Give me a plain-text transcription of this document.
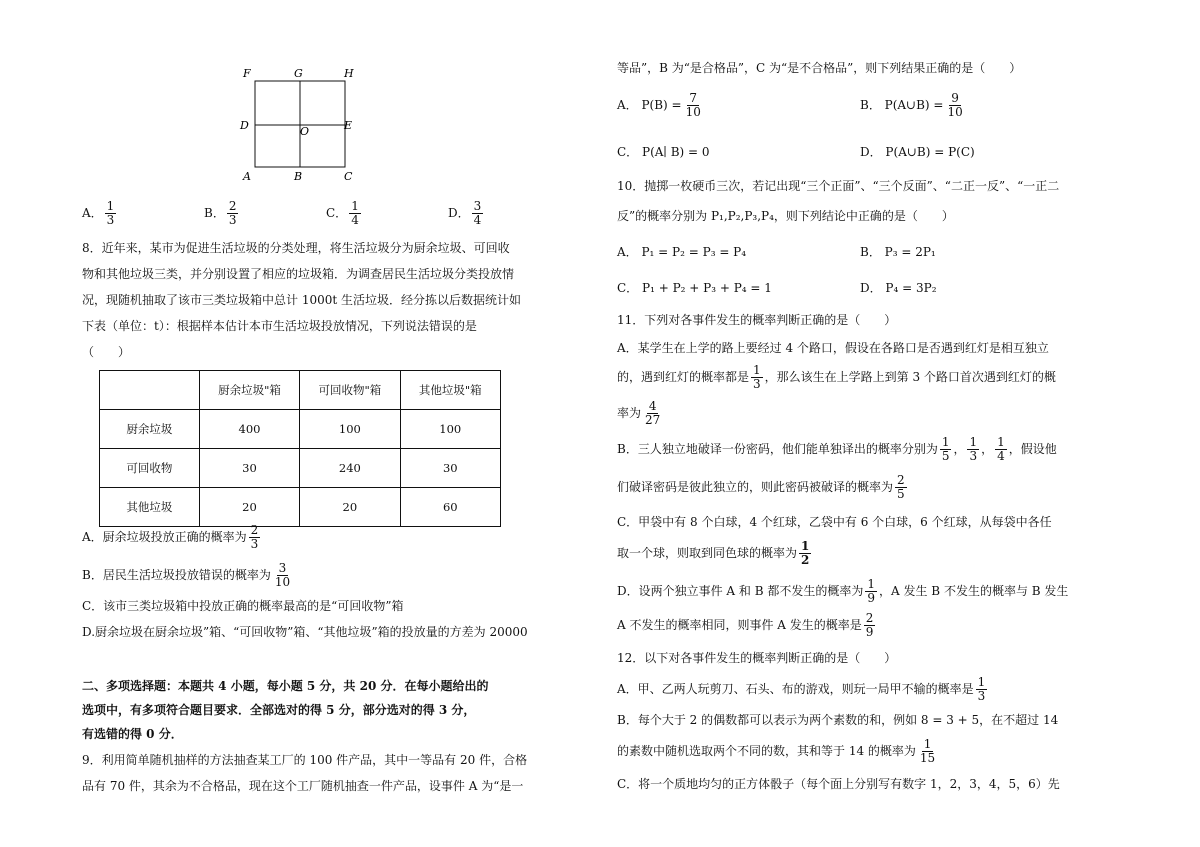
F	G	H
D	O	E
A	B	C
A． $\frac{1}{3}$	B． $\frac{2}{3}$	C． $\frac{1}{4}$	D． $\frac{3}{4}$
8．近年来，某市为促进生活垃圾的分类处理，将生活垃圾分为厨余垃圾、可回收
物和其他垃圾三类，并分别设置了相应的垃圾箱．为调查居民生活垃圾分类投放情
况，现随机抽取了该市三类垃圾箱中总计 1000t 生活垃圾．经分拣以后数据统计如
下表（单位：t）：根据样本估计本市生活垃圾投放情况，下列说法错误的是
（　　）
	厨余垃圾"箱	可回收物"箱	其他垃圾"箱
厨余垃圾	400	100	100
可回收物	30	240	30
其他垃圾	20	20	60
A．厨余垃圾投放正确的概率为 $\frac{2}{3}$
B．居民生活垃圾投放错误的概率为 $\frac{3}{10}$
C．该市三类垃圾箱中投放正确的概率最高的是“可回收物”箱
D.厨余垃圾在厨余垃圾”箱、“可回收物”箱、“其他垃圾”箱的投放量的方差为 20000
二、多项选择题：本题共 4 小题，每小题 5 分，共 20 分．在每小题给出的
选项中，有多项符合题目要求．全部选对的得 5 分，部分选对的得 3 分，
有选错的得 0 分．
9．利用简单随机抽样的方法抽查某工厂的 100 件产品，其中一等品有 20 件，合格
品有 70 件，其余为不合格品，现在这个工厂随机抽查一件产品，设事件 A 为“是一
等品”，B 为“是合格品”，C 为“是不合格品”，则下列结果正确的是（　　）
A． $P(B) = \frac{7}{10}$	B． P(A∪B) = $\frac{9}{10}$
C． P(A∣ B) = 0	D． P(A∪B) = P(C)
10．抛掷一枚硬币三次，若记出现“三个正面”、“三个反面”、“二正一反”、“一正二
反”的概率分别为 P₁,P₂,P₃,P₄，则下列结论中正确的是（　　）
A． P₁ = P₂ = P₃ = P₄	B． P₃ = 2P₁
C． P₁ + P₂ + P₃ + P₄ = 1	D． P₄ = 3P₂
11．下列对各事件发生的概率判断正确的是（　　）
A．某学生在上学的路上要经过 4 个路口，假设在各路口是否遇到红灯是相互独立
的，遇到红灯的概率都是 $\frac{1}{3}$ ，那么该生在上学路上到第 3 个路口首次遇到红灯的概
率为 $\frac{4}{27}$
B．三人独立地破译一份密码，他们能单独译出的概率分别为 $\frac{1}{5}$ ， $\frac{1}{3}$ ， $\frac{1}{4}$ ，假设他
们破译密码是彼此独立的，则此密码被破译的概率为 $\frac{2}{5}$
C．甲袋中有 8 个白球，4 个红球，乙袋中有 6 个白球，6 个红球，从每袋中各任
取一个球，则取到同色球的概率为 $\frac{1}{2}$
D．设两个独立事件 A 和 B 都不发生的概率为 $\frac{1}{9}$ ，A 发生 B 不发生的概率与 B 发生
A 不发生的概率相同，则事件 A 发生的概率是 $\frac{2}{9}$
12．以下对各事件发生的概率判断正确的是（　　）
A．甲、乙两人玩剪刀、石头、布的游戏，则玩一局甲不输的概率是 $\frac{1}{3}$
B．每个大于 2 的偶数都可以表示为两个素数的和，例如 8 = 3 + 5，在不超过 14
的素数中随机选取两个不同的数，其和等于 14 的概率为 $\frac{1}{15}$
C．将一个质地均匀的正方体骰子（每个面上分别写有数字 1，2，3，4，5，6）先
